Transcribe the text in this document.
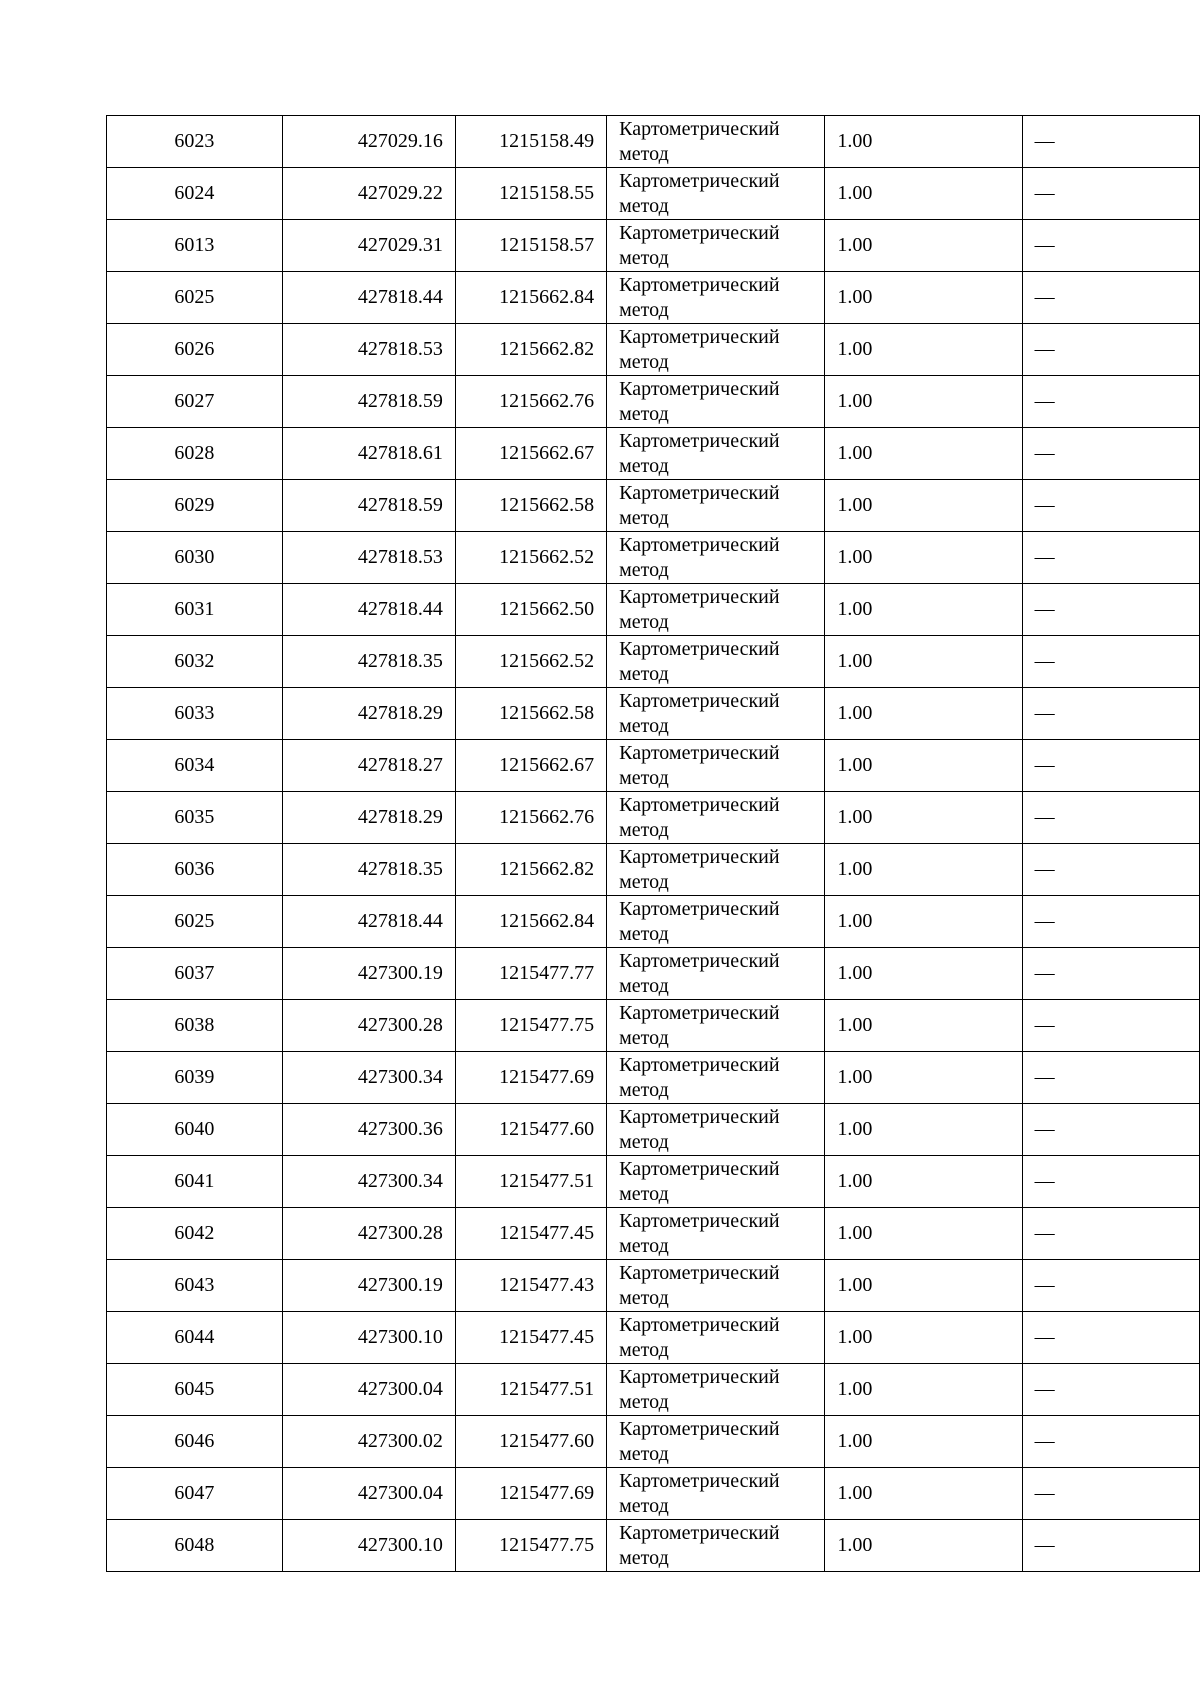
6023	427029.16	1215158.49	Картометрический метод	1.00	—
6024	427029.22	1215158.55	Картометрический метод	1.00	—
6013	427029.31	1215158.57	Картометрический метод	1.00	—
6025	427818.44	1215662.84	Картометрический метод	1.00	—
6026	427818.53	1215662.82	Картометрический метод	1.00	—
6027	427818.59	1215662.76	Картометрический метод	1.00	—
6028	427818.61	1215662.67	Картометрический метод	1.00	—
6029	427818.59	1215662.58	Картометрический метод	1.00	—
6030	427818.53	1215662.52	Картометрический метод	1.00	—
6031	427818.44	1215662.50	Картометрический метод	1.00	—
6032	427818.35	1215662.52	Картометрический метод	1.00	—
6033	427818.29	1215662.58	Картометрический метод	1.00	—
6034	427818.27	1215662.67	Картометрический метод	1.00	—
6035	427818.29	1215662.76	Картометрический метод	1.00	—
6036	427818.35	1215662.82	Картометрический метод	1.00	—
6025	427818.44	1215662.84	Картометрический метод	1.00	—
6037	427300.19	1215477.77	Картометрический метод	1.00	—
6038	427300.28	1215477.75	Картометрический метод	1.00	—
6039	427300.34	1215477.69	Картометрический метод	1.00	—
6040	427300.36	1215477.60	Картометрический метод	1.00	—
6041	427300.34	1215477.51	Картометрический метод	1.00	—
6042	427300.28	1215477.45	Картометрический метод	1.00	—
6043	427300.19	1215477.43	Картометрический метод	1.00	—
6044	427300.10	1215477.45	Картометрический метод	1.00	—
6045	427300.04	1215477.51	Картометрический метод	1.00	—
6046	427300.02	1215477.60	Картометрический метод	1.00	—
6047	427300.04	1215477.69	Картометрический метод	1.00	—
6048	427300.10	1215477.75	Картометрический метод	1.00	—
